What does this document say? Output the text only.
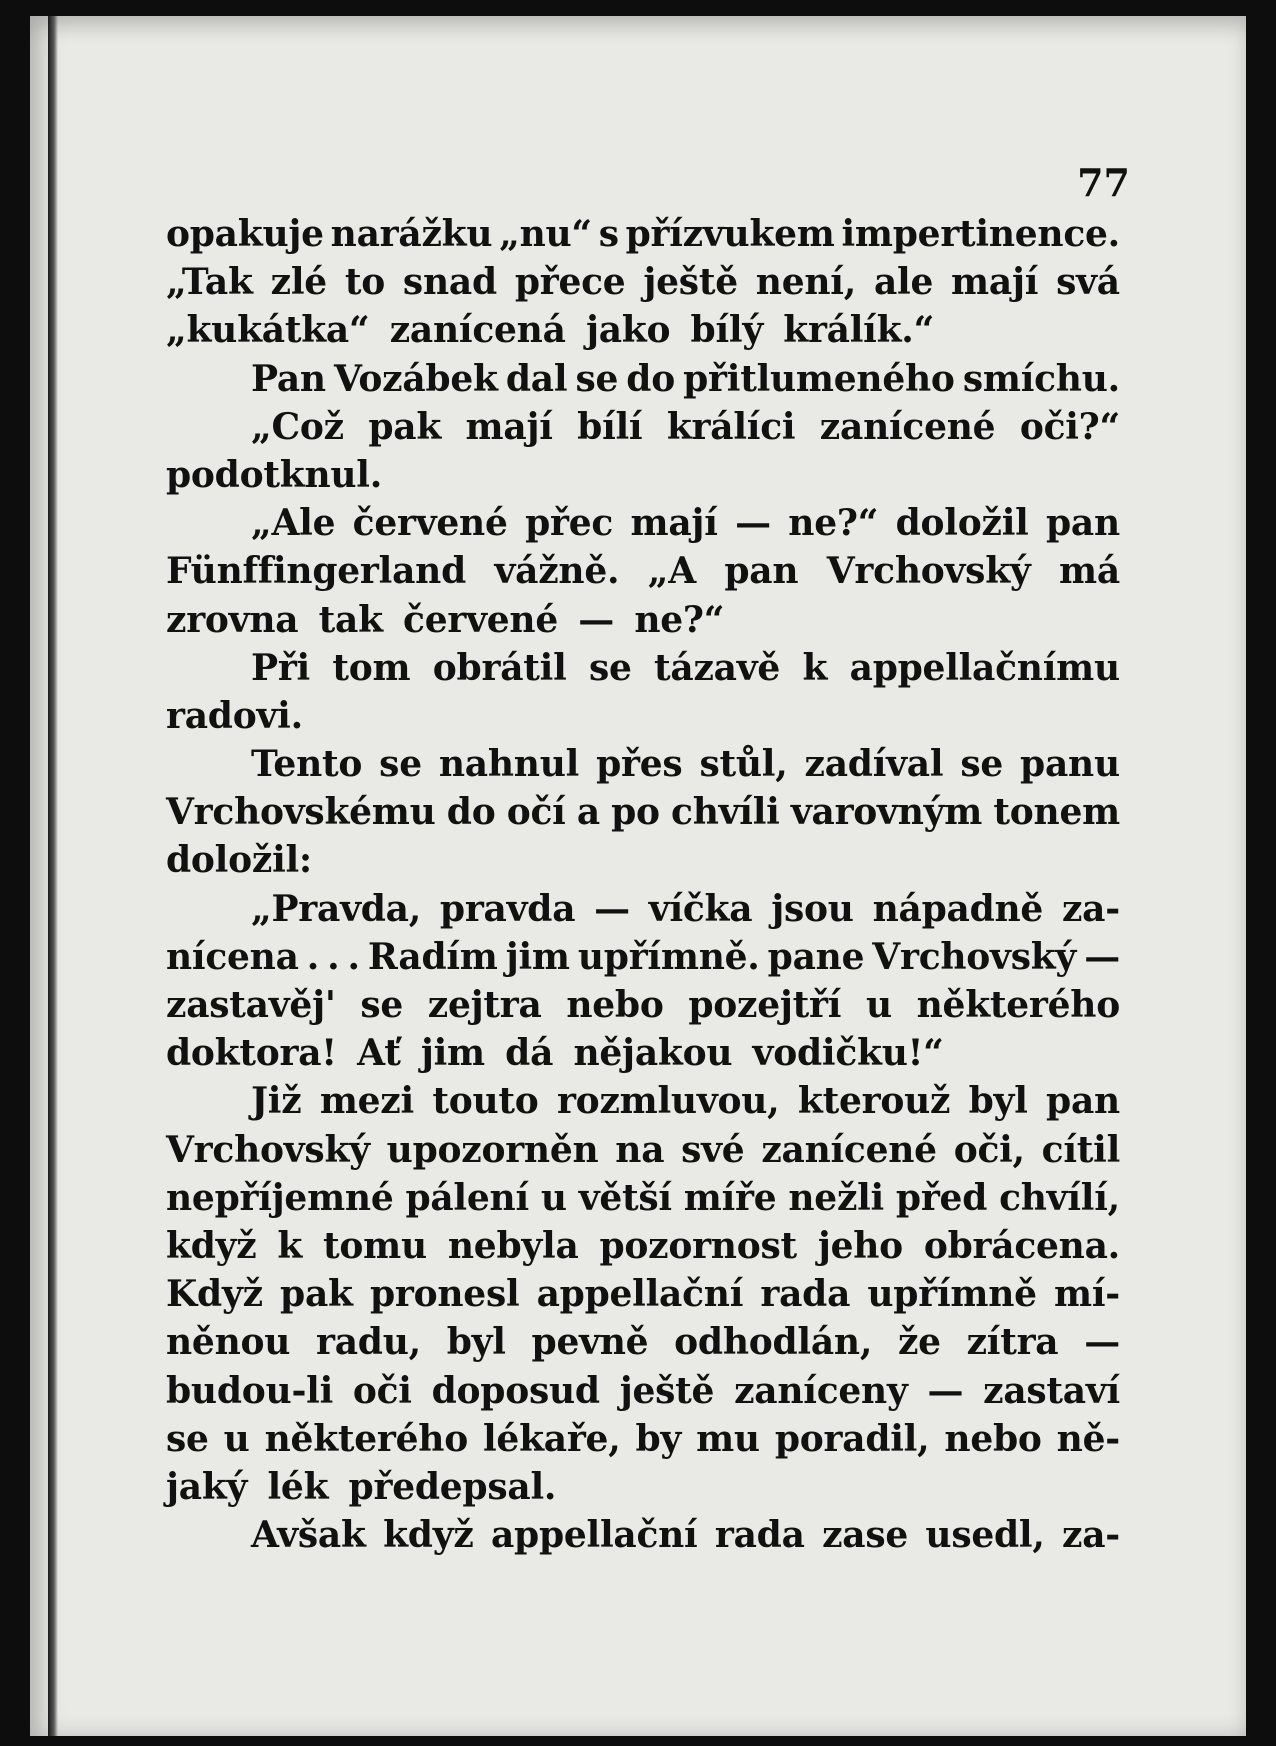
77
opakuje narážku „nu“ s přízvukem impertinence.
„Tak zlé to snad přece ještě není, ale mají svá
„kukátka“ zanícená jako bílý králík.“
Pan Vozábek dal se do přitlumeného smíchu.
„Což pak mají bílí králíci zanícené oči?“
podotknul.
„Ale červené přec mají — ne?“ doložil pan
Fünffingerland vážně. „A pan Vrchovský má
zrovna tak červené — ne?“
Při tom obrátil se tázavě k appellačnímu
radovi.
Tento se nahnul přes stůl, zadíval se panu
Vrchovskému do očí a po chvíli varovným tonem
doložil:
„Pravda, pravda — víčka jsou nápadně za-
nícena . . . Radím jim upřímně. pane Vrchovský —
zastavěj' se zejtra nebo pozejtří u některého
doktora! Ať jim dá nějakou vodičku!“
Již mezi touto rozmluvou, kterouž byl pan
Vrchovský upozorněn na své zanícené oči, cítil
nepříjemné pálení u větší míře nežli před chvílí,
když k tomu nebyla pozornost jeho obrácena.
Když pak pronesl appellační rada upřímně mí-
něnou radu, byl pevně odhodlán, že zítra —
budou-li oči doposud ještě zaníceny — zastaví
se u některého lékaře, by mu poradil, nebo ně-
jaký lék předepsal.
Avšak když appellační rada zase usedl, za-
